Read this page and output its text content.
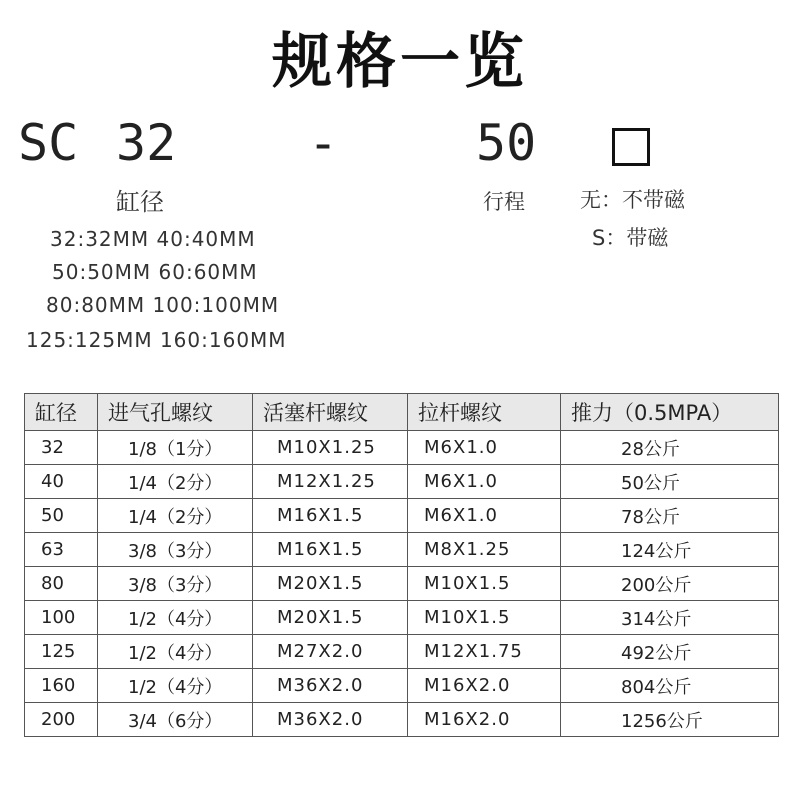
规格一览
SC 32	-	50
缸径	行程	无：不带磁
S：带磁
32:32MM 40:40MM
50:50MM 60:60MM
80:80MM 100:100MM
125:125MM 160:160MM
缸径	进气孔螺纹	活塞杆螺纹	拉杆螺纹	推力（0.5MPA）
32	1/8（1分）	M10X1.25	M6X1.0	28公斤
40	1/4（2分）	M12X1.25	M6X1.0	50公斤
50	1/4（2分）	M16X1.5	M6X1.0	78公斤
63	3/8（3分）	M16X1.5	M8X1.25	124公斤
80	3/8（3分）	M20X1.5	M10X1.5	200公斤
100	1/2（4分）	M20X1.5	M10X1.5	314公斤
125	1/2（4分）	M27X2.0	M12X1.75	492公斤
160	1/2（4分）	M36X2.0	M16X2.0	804公斤
200	3/4（6分）	M36X2.0	M16X2.0	1256公斤
